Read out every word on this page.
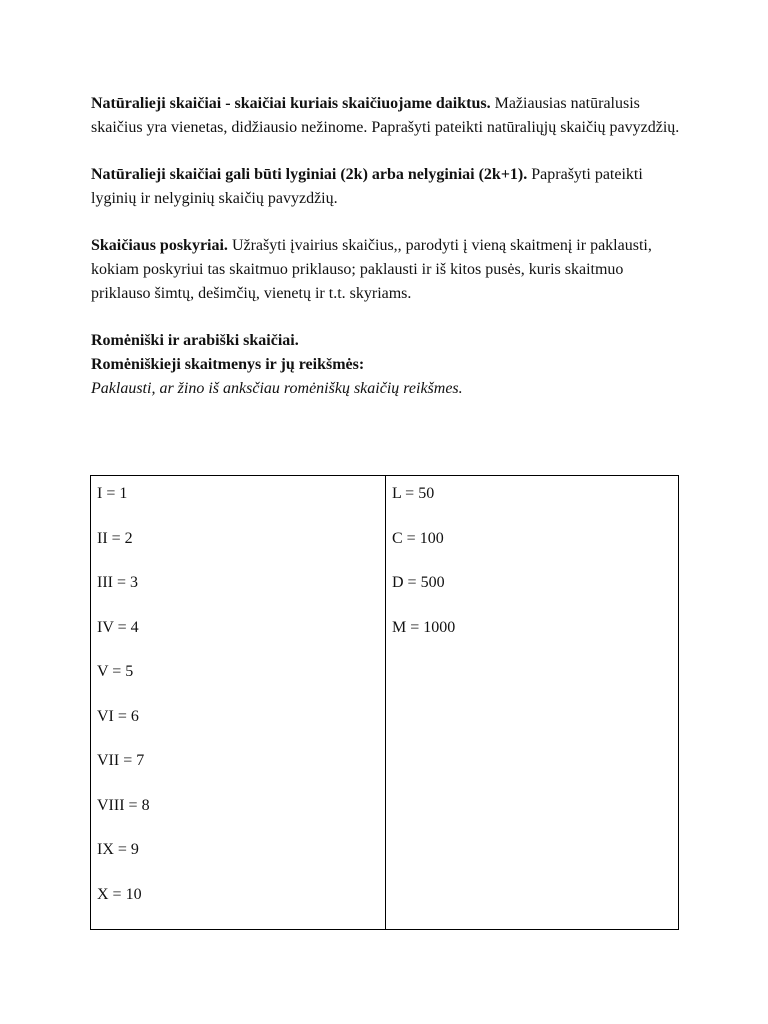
Natūralieji skaičiai - skaičiai kuriais skaičiuojame daiktus. Mažiausias natūralusis skaičius yra vienetas, didžiausio nežinome. Paprašyti pateikti natūraliųjų skaičių pavyzdžių.

Natūralieji skaičiai gali būti lyginiai (2k) arba nelyginiai (2k+1). Paprašyti pateikti lyginių ir nelyginių skaičių pavyzdžių.

Skaičiaus poskyriai. Užrašyti įvairius skaičius,, parodyti į vieną skaitmenį ir paklausti, kokiam poskyriui tas skaitmuo priklauso; paklausti ir iš kitos pusės, kuris skaitmuo priklauso šimtų, dešimčių, vienetų ir t.t. skyriams.

Romėniški ir arabiški skaičiai.

Romėniškieji skaitmenys ir jų reikšmės:

Paklausti, ar žino iš anksčiau romėniškų skaičių reikšmes.

I = 1
II = 2
III = 3
IV = 4
V = 5
VI = 6
VII = 7
VIII = 8
IX = 9
X = 10

L = 50
C = 100
D = 500
M = 1000
